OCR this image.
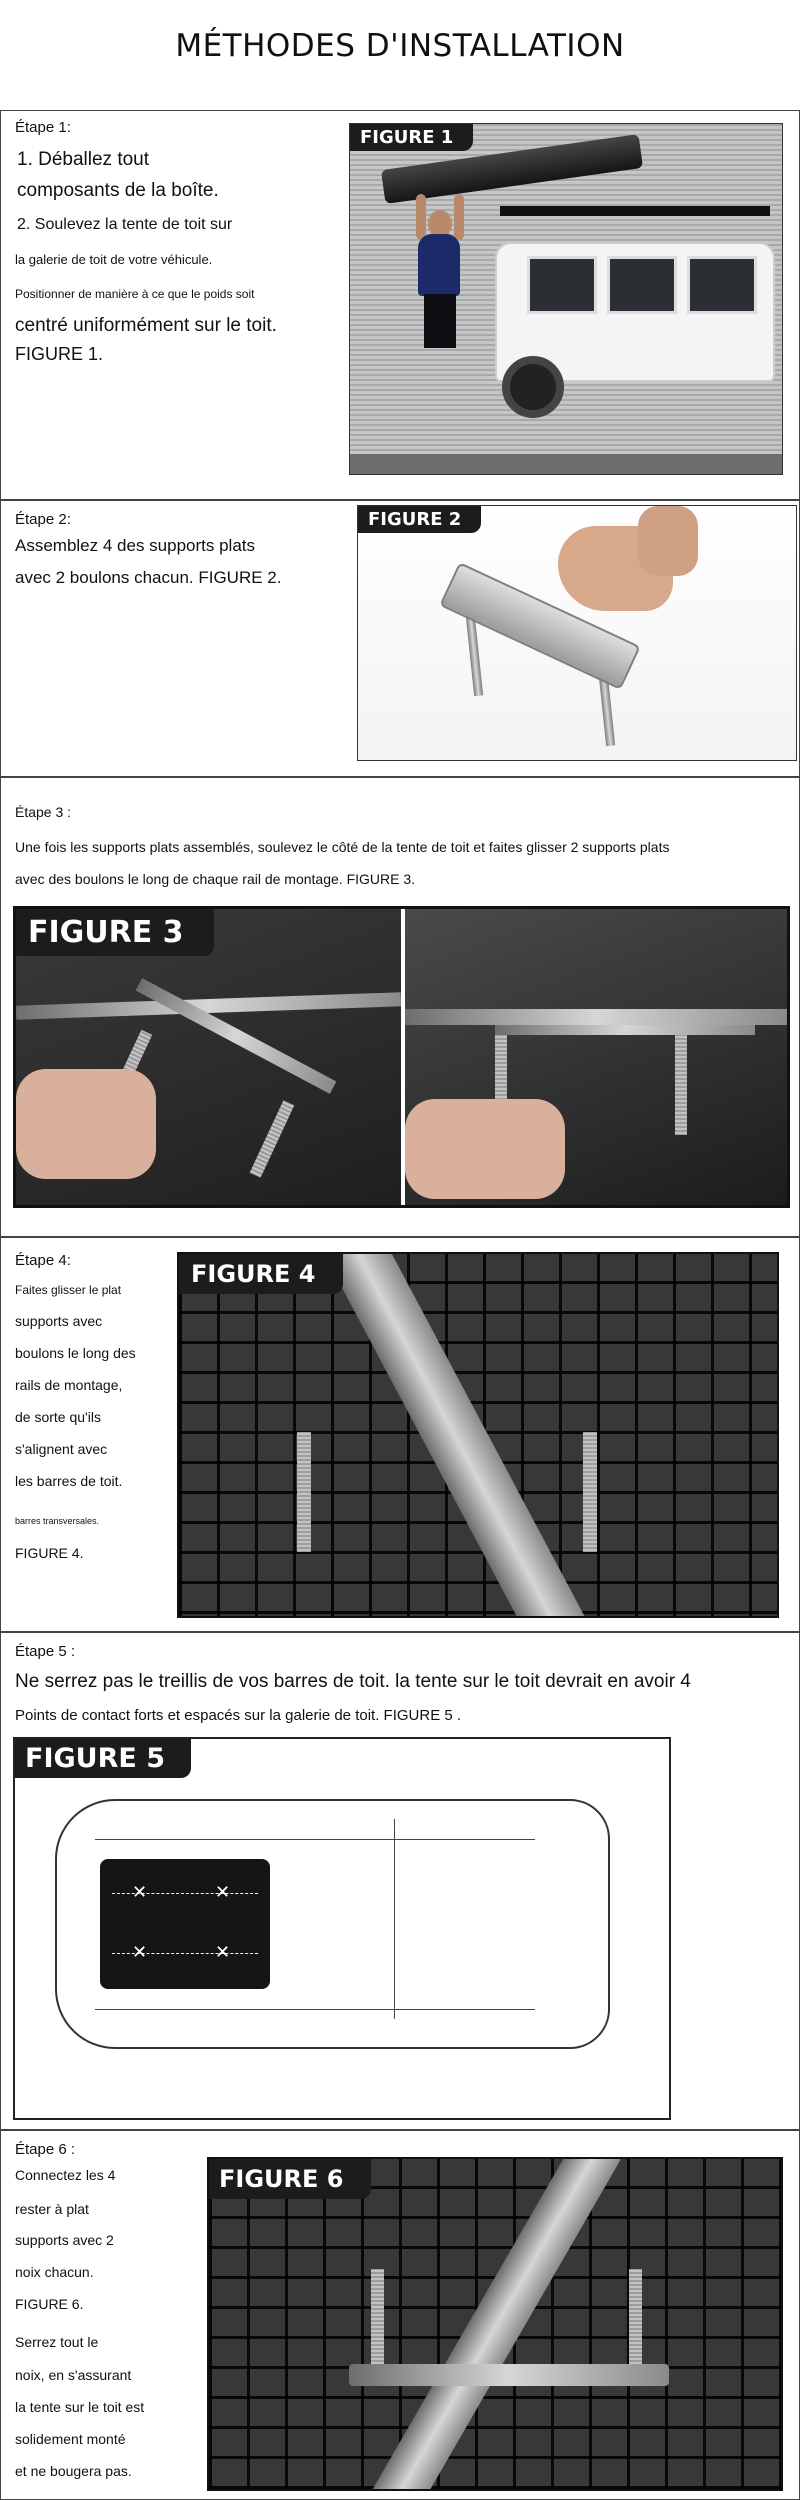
MÉTHODES D'INSTALLATION
Étape 1:
1. Déballez tout
composants de la boîte.
2. Soulevez la tente de toit sur
la galerie de toit de votre véhicule.
Positionner de manière à ce que le poids soit
centré uniformément sur le toit.
FIGURE 1.
FIGURE 1
Étape 2:
Assemblez 4 des supports plats
avec 2 boulons chacun. FIGURE 2.
FIGURE 2
Étape 3 :
Une fois les supports plats assemblés, soulevez le côté de la tente de toit et faites glisser 2 supports plats
avec des boulons le long de chaque rail de montage. FIGURE 3.
FIGURE 3
Étape 4:
Faites glisser le plat
supports avec
boulons le long des
rails de montage,
de sorte qu'ils
s'alignent avec
les barres de toit.
barres transversales.
FIGURE 4.
FIGURE 4
Étape 5 :
Ne serrez pas le treillis de vos barres de toit. la tente sur le toit devrait en avoir 4
Points de contact forts et espacés sur la galerie de toit. FIGURE 5 .
✕	✕
✕	✕
FIGURE 5
Étape 6 :
Connectez les 4
rester à plat
supports avec 2
noix chacun.
FIGURE 6.
Serrez tout le
noix, en s'assurant
la tente sur le toit est
solidement monté
et ne bougera pas.
FIGURE 6
